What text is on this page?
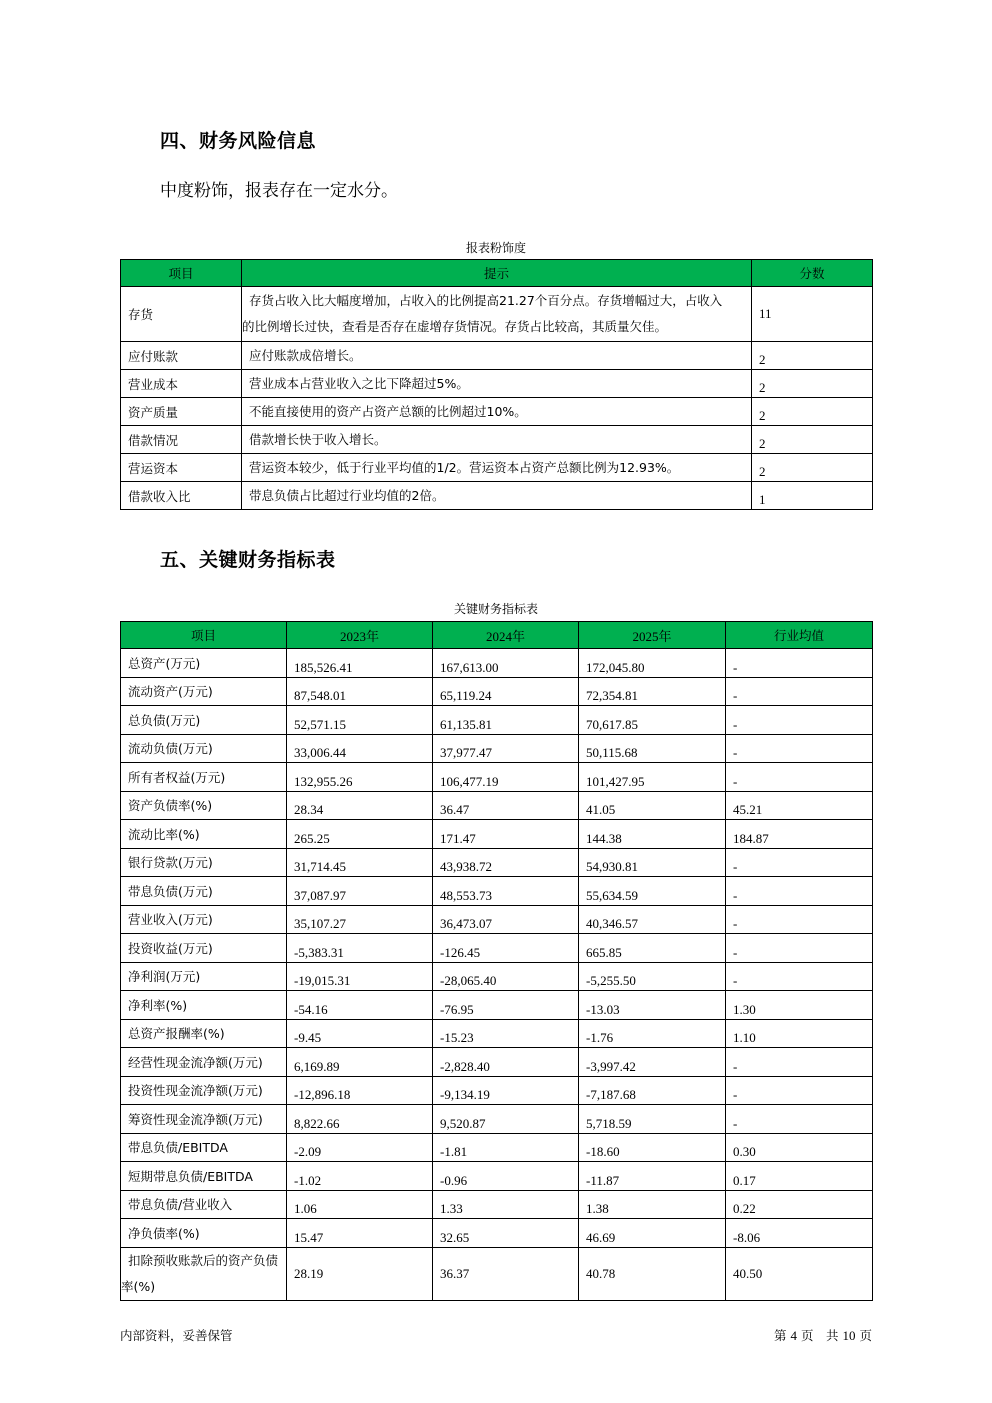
四、财务风险信息
中度粉饰，报表存在一定水分。
报表粉饰度
项目	提示	分数
存货	存货占收入比大幅度增加，占收入的比例提高21.27个百分点。存货增幅过大，占收入
的比例增长过快，查看是否存在虚增存货情况。存货占比较高，其质量欠佳。	11
应付账款	应付账款成倍增长。	2
营业成本	营业成本占营业收入之比下降超过5%。	2
资产质量	不能直接使用的资产占资产总额的比例超过10%。	2
借款情况	借款增长快于收入增长。	2
营运资本	营运资本较少，低于行业平均值的1/2。营运资本占资产总额比例为12.93%。	2
借款收入比	带息负债占比超过行业均值的2倍。	1
五、关键财务指标表
关键财务指标表
项目	2023年	2024年	2025年	行业均值
总资产(万元)	185,526.41	167,613.00	172,045.80	-
流动资产(万元)	87,548.01	65,119.24	72,354.81	-
总负债(万元)	52,571.15	61,135.81	70,617.85	-
流动负债(万元)	33,006.44	37,977.47	50,115.68	-
所有者权益(万元)	132,955.26	106,477.19	101,427.95	-
资产负债率(%)	28.34	36.47	41.05	45.21
流动比率(%)	265.25	171.47	144.38	184.87
银行贷款(万元)	31,714.45	43,938.72	54,930.81	-
带息负债(万元)	37,087.97	48,553.73	55,634.59	-
营业收入(万元)	35,107.27	36,473.07	40,346.57	-
投资收益(万元)	-5,383.31	-126.45	665.85	-
净利润(万元)	-19,015.31	-28,065.40	-5,255.50	-
净利率(%)	-54.16	-76.95	-13.03	1.30
总资产报酬率(%)	-9.45	-15.23	-1.76	1.10
经营性现金流净额(万元)	6,169.89	-2,828.40	-3,997.42	-
投资性现金流净额(万元)	-12,896.18	-9,134.19	-7,187.68	-
筹资性现金流净额(万元)	8,822.66	9,520.87	5,718.59	-
带息负债/EBITDA	-2.09	-1.81	-18.60	0.30
短期带息负债/EBITDA	-1.02	-0.96	-11.87	0.17
带息负债/营业收入	1.06	1.33	1.38	0.22
净负债率(%)	15.47	32.65	46.69	-8.06

扣除预收账款后的资产负债
率(%)	28.19	36.37	40.78	40.50
内部资料，妥善保管	第 4 页　共 10 页
